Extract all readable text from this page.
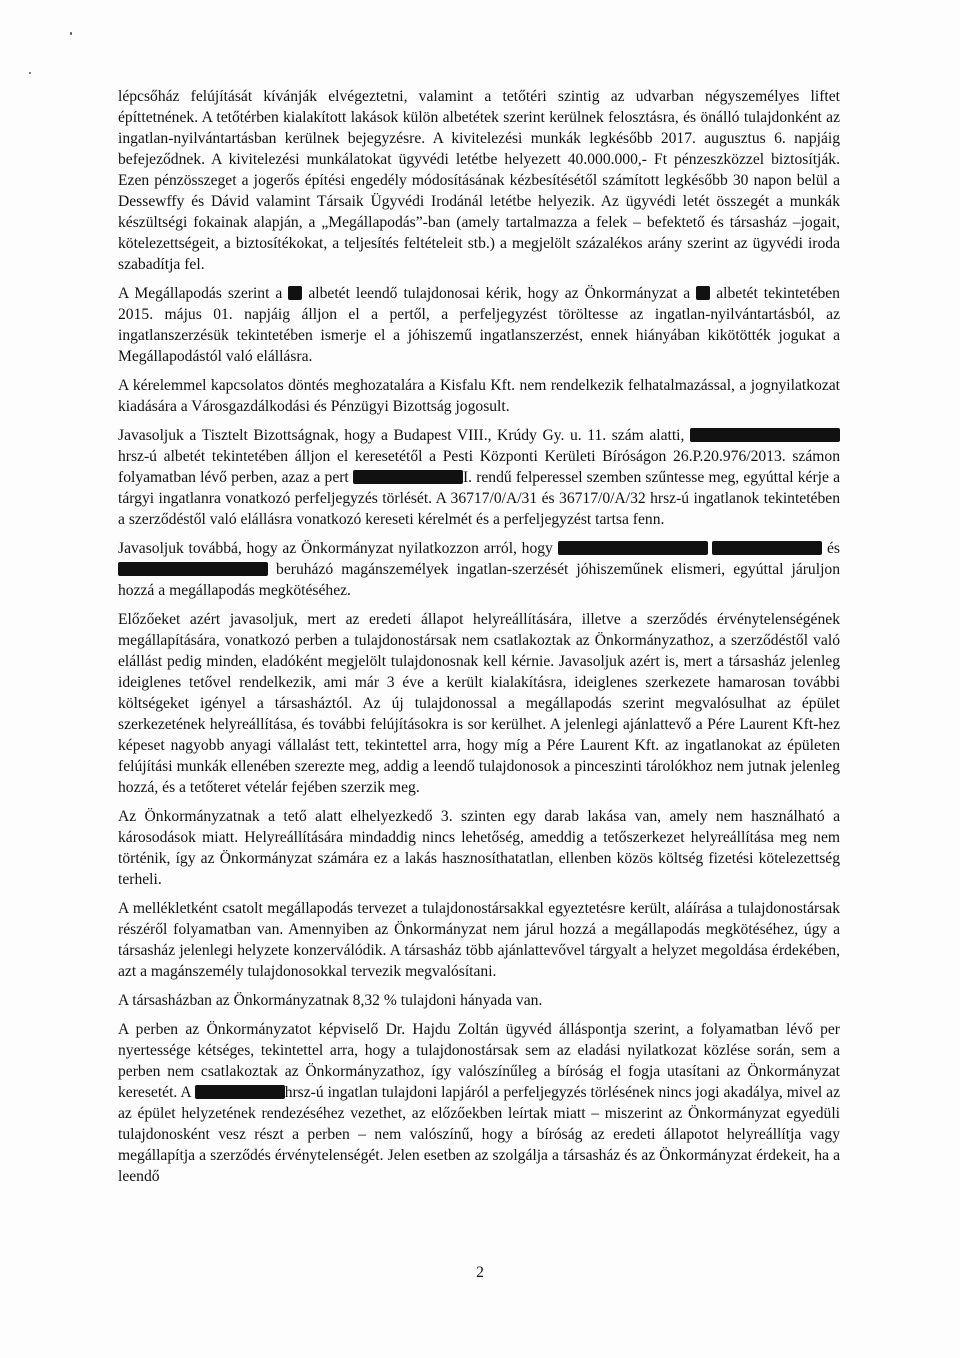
lépcsőház felújítását kívánják elvégeztetni, valamint a tetőtéri szintig az udvarban négyszemélyes liftet építtetnének. A tetőtérben kialakított lakások külön albetétek szerint kerülnek felosztásra, és önálló tulajdonként az ingatlan-nyilvántartásban kerülnek bejegyzésre. A kivitelezési munkák legkésőbb 2017. augusztus 6. napjáig befejeződnek. A kivitelezési munkálatokat ügyvédi letétbe helyezett 40.000.000,- Ft pénzeszközzel biztosítják. Ezen pénzösszeget a jogerős építési engedély módosításának kézbesítésétől számított legkésőbb 30 napon belül a Dessewffy és Dávid valamint Társaik Ügyvédi Irodánál letétbe helyezik. Az ügyvédi letét összegét a munkák készültségi fokainak alapján, a „Megállapodás”-ban (amely tartalmazza a felek – befektető és társasház –jogait, kötelezettségeit, a biztosítékokat, a teljesítés feltételeit stb.) a megjelölt százalékos arány szerint az ügyvédi iroda szabadítja fel.

A Megállapodás szerint a albetét leendő tulajdonosai kérik, hogy az Önkormányzat a albetét tekintetében 2015. május 01. napjáig álljon el a pertől, a perfeljegyzést töröltesse az ingatlan-nyilvántartásból, az ingatlanszerzésük tekintetében ismerje el a jóhiszemű ingatlanszerzést, ennek hiányában kikötötték jogukat a Megállapodástól való elállásra.

A kérelemmel kapcsolatos döntés meghozatalára a Kisfalu Kft. nem rendelkezik felhatalmazással, a jognyilatkozat kiadására a Városgazdálkodási és Pénzügyi Bizottság jogosult.

Javasoljuk a Tisztelt Bizottságnak, hogy a Budapest VIII., Krúdy Gy. u. 11. szám alatti,  hrsz-ú albetét tekintetében álljon el keresetétől a Pesti Központi Kerületi Bíróságon 26.P.20.976/2013. számon folyamatban lévő perben, azaz a pert	I. rendű felperessel szemben szűntesse meg, egyúttal kérje a tárgyi ingatlanra vonatkozó perfeljegyzés törlését. A 36717/0/A/31 és 36717/0/A/32 hrsz-ú ingatlanok tekintetében a szerződéstől való elállásra vonatkozó kereseti kérelmét és a perfeljegyzést tartsa fenn.

Javasoljuk továbbá, hogy az Önkormányzat nyilatkozzon arról, hogy	és  beruházó magánszemélyek ingatlan-szerzését jóhiszeműnek elismeri, egyúttal járuljon hozzá a megállapodás megkötéséhez.

Előzőeket azért javasoljuk, mert az eredeti állapot helyreállítására, illetve a szerződés érvénytelenségének megállapítására, vonatkozó perben a tulajdonostársak nem csatlakoztak az Önkormányzathoz, a szerződéstől való elállást pedig minden, eladóként megjelölt tulajdonosnak kell kérnie. Javasoljuk azért is, mert a társasház jelenleg ideiglenes tetővel rendelkezik, ami már 3 éve a került kialakításra, ideiglenes szerkezete hamarosan további költségeket igényel a társasháztól. Az új tulajdonossal a megállapodás szerint megvalósulhat az épület szerkezetének helyreállítása, és további felújításokra is sor kerülhet. A jelenlegi ajánlattevő a Pére Laurent Kft-hez képeset nagyobb anyagi vállalást tett, tekintettel arra, hogy míg a Pére Laurent Kft. az ingatlanokat az épületen felújítási munkák ellenében szerezte meg, addig a leendő tulajdonosok a pinceszinti tárolókhoz nem jutnak jelenleg hozzá, és a tetőteret vételár fejében szerzik meg.

Az Önkormányzatnak a tető alatt elhelyezkedő 3. szinten egy darab lakása van, amely nem használható a károsodások miatt. Helyreállítására mindaddig nincs lehetőség, ameddig a tetőszerkezet helyreállítása meg nem történik, így az Önkormányzat számára ez a lakás hasznosíthatatlan, ellenben közös költség fizetési kötelezettség terheli.

A mellékletként csatolt megállapodás tervezet a tulajdonostársakkal egyeztetésre került, aláírása a tulajdonostársak részéről folyamatban van. Amennyiben az Önkormányzat nem járul hozzá a megállapodás megkötéséhez, úgy a társasház jelenlegi helyzete konzerválódik. A társasház több ajánlattevővel tárgyalt a helyzet megoldása érdekében, azt a magánszemély tulajdonosokkal tervezik megvalósítani.

A társasházban az Önkormányzatnak 8,32 % tulajdoni hányada van.

A perben az Önkormányzatot képviselő Dr. Hajdu Zoltán ügyvéd álláspontja szerint, a folyamatban lévő per nyertessége kétséges, tekintettel arra, hogy a tulajdonostársak sem az eladási nyilatkozat közlése során, sem a perben nem csatlakoztak az Önkormányzathoz, így valószínűleg a bíróság el fogja utasítani az Önkormányzat keresetét. A	hrsz-ú ingatlan tulajdoni lapjáról a perfeljegyzés törlésének nincs jogi akadálya, mivel az az épület helyzetének rendezéséhez vezethet, az előzőekben leírtak miatt – miszerint az Önkormányzat egyedüli tulajdonosként vesz részt a perben – nem valószínű, hogy a bíróság az eredeti állapotot helyreállítja vagy megállapítja a szerződés érvénytelenségét. Jelen esetben az szolgálja a társasház és az Önkormányzat érdekeit, ha a leendő

2
